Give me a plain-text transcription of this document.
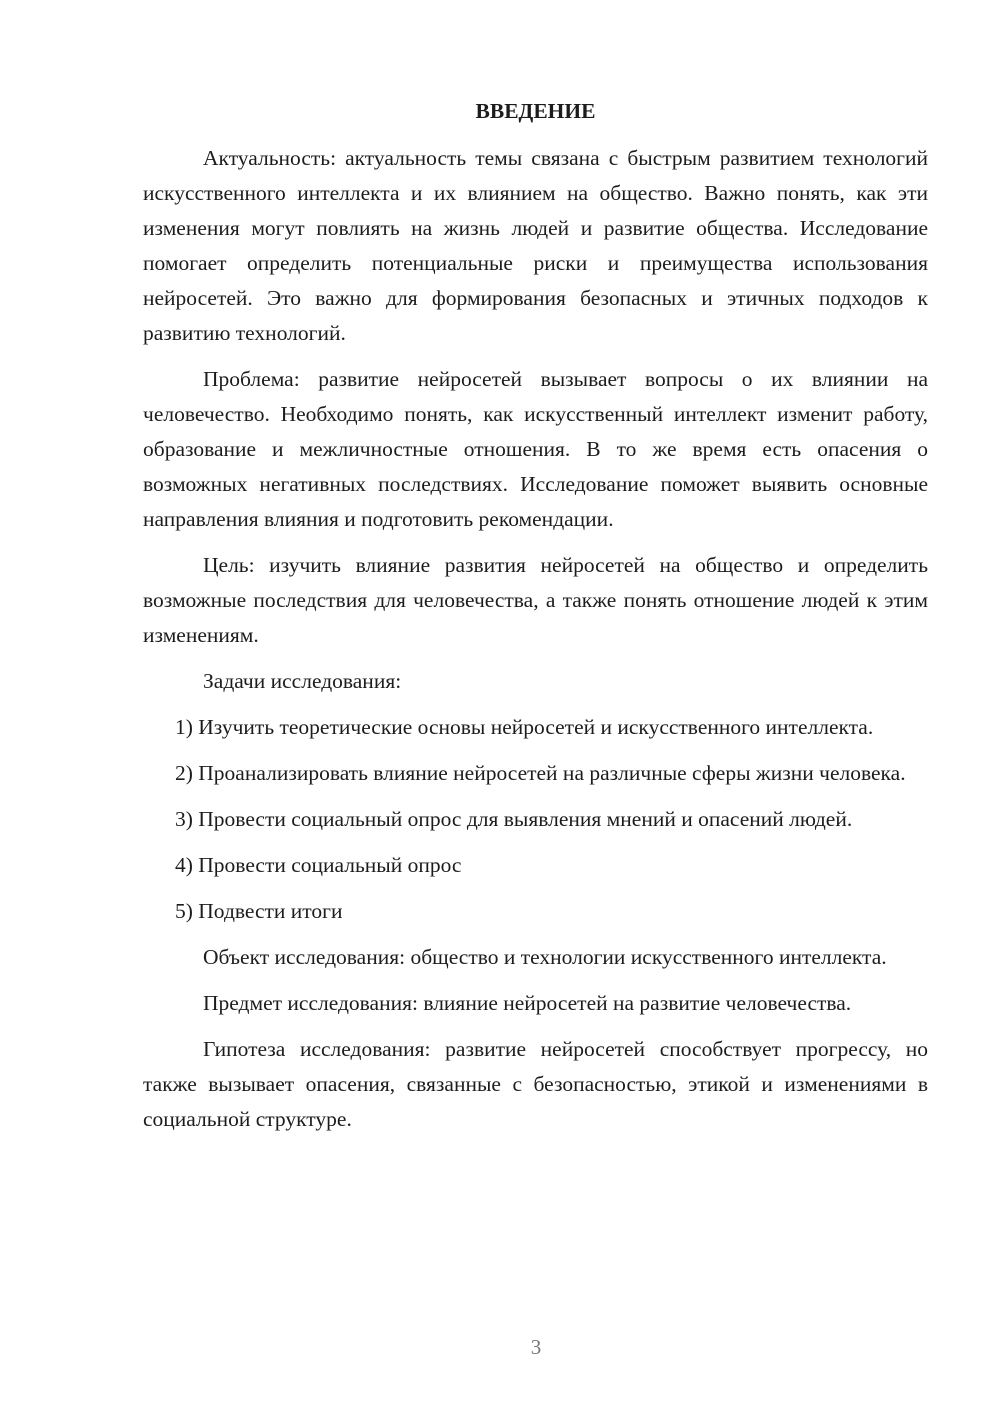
ВВЕДЕНИЕ

Актуальность: актуальность темы связана с быстрым развитием технологий искусственного интеллекта и их влиянием на общество. Важно понять, как эти изменения могут повлиять на жизнь людей и развитие общества. Исследование помогает определить потенциальные риски и преимущества использования нейросетей. Это важно для формирования безопасных и этичных подходов к развитию технологий.

Проблема: развитие нейросетей вызывает вопросы о их влиянии на человечество. Необходимо понять, как искусственный интеллект изменит работу, образование и межличностные отношения. В то же время есть опасения о возможных негативных последствиях. Исследование поможет выявить основные направления влияния и подготовить рекомендации.

Цель: изучить влияние развития нейросетей на общество и определить возможные последствия для человечества, а также понять отношение людей к этим изменениям.

Задачи исследования:

1) Изучить теоретические основы нейросетей и искусственного интеллекта.

2) Проанализировать влияние нейросетей на различные сферы жизни человека.

3) Провести социальный опрос для выявления мнений и опасений людей.

4) Провести социальный опрос

5) Подвести итоги

Объект исследования: общество и технологии искусственного интеллекта.

Предмет исследования: влияние нейросетей на развитие человечества.

Гипотеза исследования: развитие нейросетей способствует прогрессу, но также вызывает опасения, связанные с безопасностью, этикой и изменениями в социальной структуре.

3
